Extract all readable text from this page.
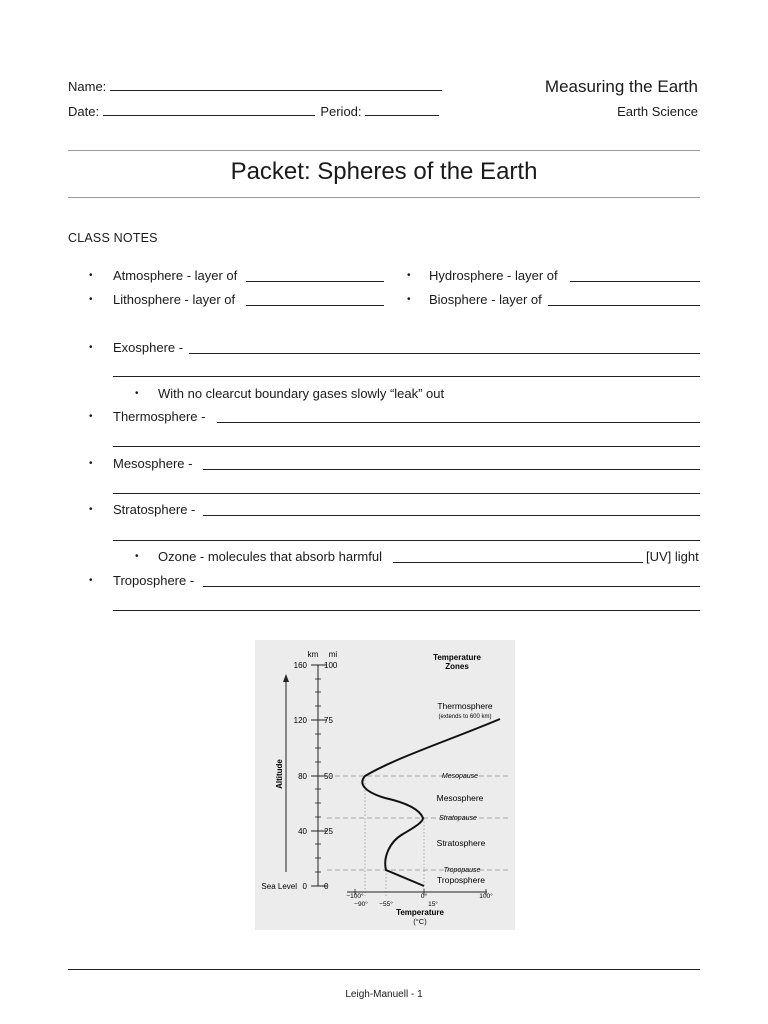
Name:
Date:	Period:
Measuring the Earth
Earth Science
Packet: Spheres of the Earth
CLASS NOTES
• Atmosphere - layer of	• Hydrosphere - layer of
• Lithosphere - layer of	• Biosphere - layer of
• Exosphere -
• With no clearcut boundary gases slowly “leak” out
• Thermosphere -
• Mesosphere -
• Stratosphere -
• Ozone - molecules that absorb harmful	[UV] light
• Troposphere -
km mi
160
120
80
40
0
100
75
50
25
0
Sea Level
Altitude
−100°	0°	100°
−90° −55°	15°
Temperature
(°C)
Temperature
Zones
Thermosphere
(extends to 600 km)
Mesopause
Mesosphere
Stratopause
Stratosphere
Tropopause
Troposphere
Leigh-Manuell - 1
